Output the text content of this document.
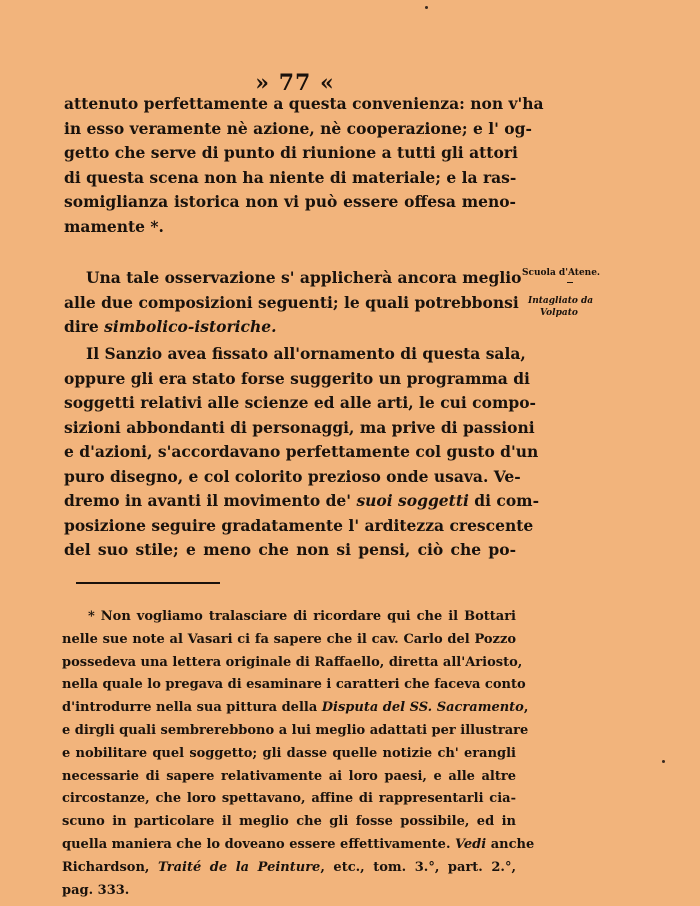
» 77 «
attenuto perfettamente a questa convenienza: non v'ha
in esso veramente nè azione, nè cooperazione; e l' og-
getto che serve di punto di riunione a tutti gli attori
di questa scena non ha niente di materiale; e la ras-
somiglianza istorica non vi può essere offesa meno-
mamente *.
Una tale osservazione s' applicherà ancora meglio
alle due composizioni seguenti; le quali potrebbonsi
dire simbolico-istoriche.
Scuola d'Atene.
Intagliato da
Volpato
Il Sanzio avea fissato all'ornamento di questa sala,
oppure gli era stato forse suggerito un programma di
soggetti relativi alle scienze ed alle arti, le cui compo-
sizioni abbondanti di personaggi, ma prive di passioni
e d'azioni, s'accordavano perfettamente col gusto d'un
puro disegno, e col colorito prezioso onde usava. Ve-
dremo in avanti il movimento de' suoi soggetti di com-
posizione seguire gradatamente l' arditezza crescente
del suo stile; e meno che non si pensi, ciò che po-
* Non vogliamo tralasciare di ricordare qui che il Bottari
nelle sue note al Vasari ci fa sapere che il cav. Carlo del Pozzo
possedeva una lettera originale di Raffaello, diretta all'Ariosto,
nella quale lo pregava di esaminare i caratteri che faceva conto
d'introdurre nella sua pittura della Disputa del SS. Sacramento,
e dirgli quali sembrerebbono a lui meglio adattati per illustrare
e nobilitare quel soggetto; gli dasse quelle notizie ch' erangli
necessarie di sapere relativamente ai loro paesi, e alle altre
circostanze, che loro spettavano, affine di rappresentarli cia-
scuno in particolare il meglio che gli fosse possibile, ed in
quella maniera che lo doveano essere effettivamente. Vedi anche
Richardson, Traité de la Peinture, etc., tom. 3.°, part. 2.°,
pag. 333.
